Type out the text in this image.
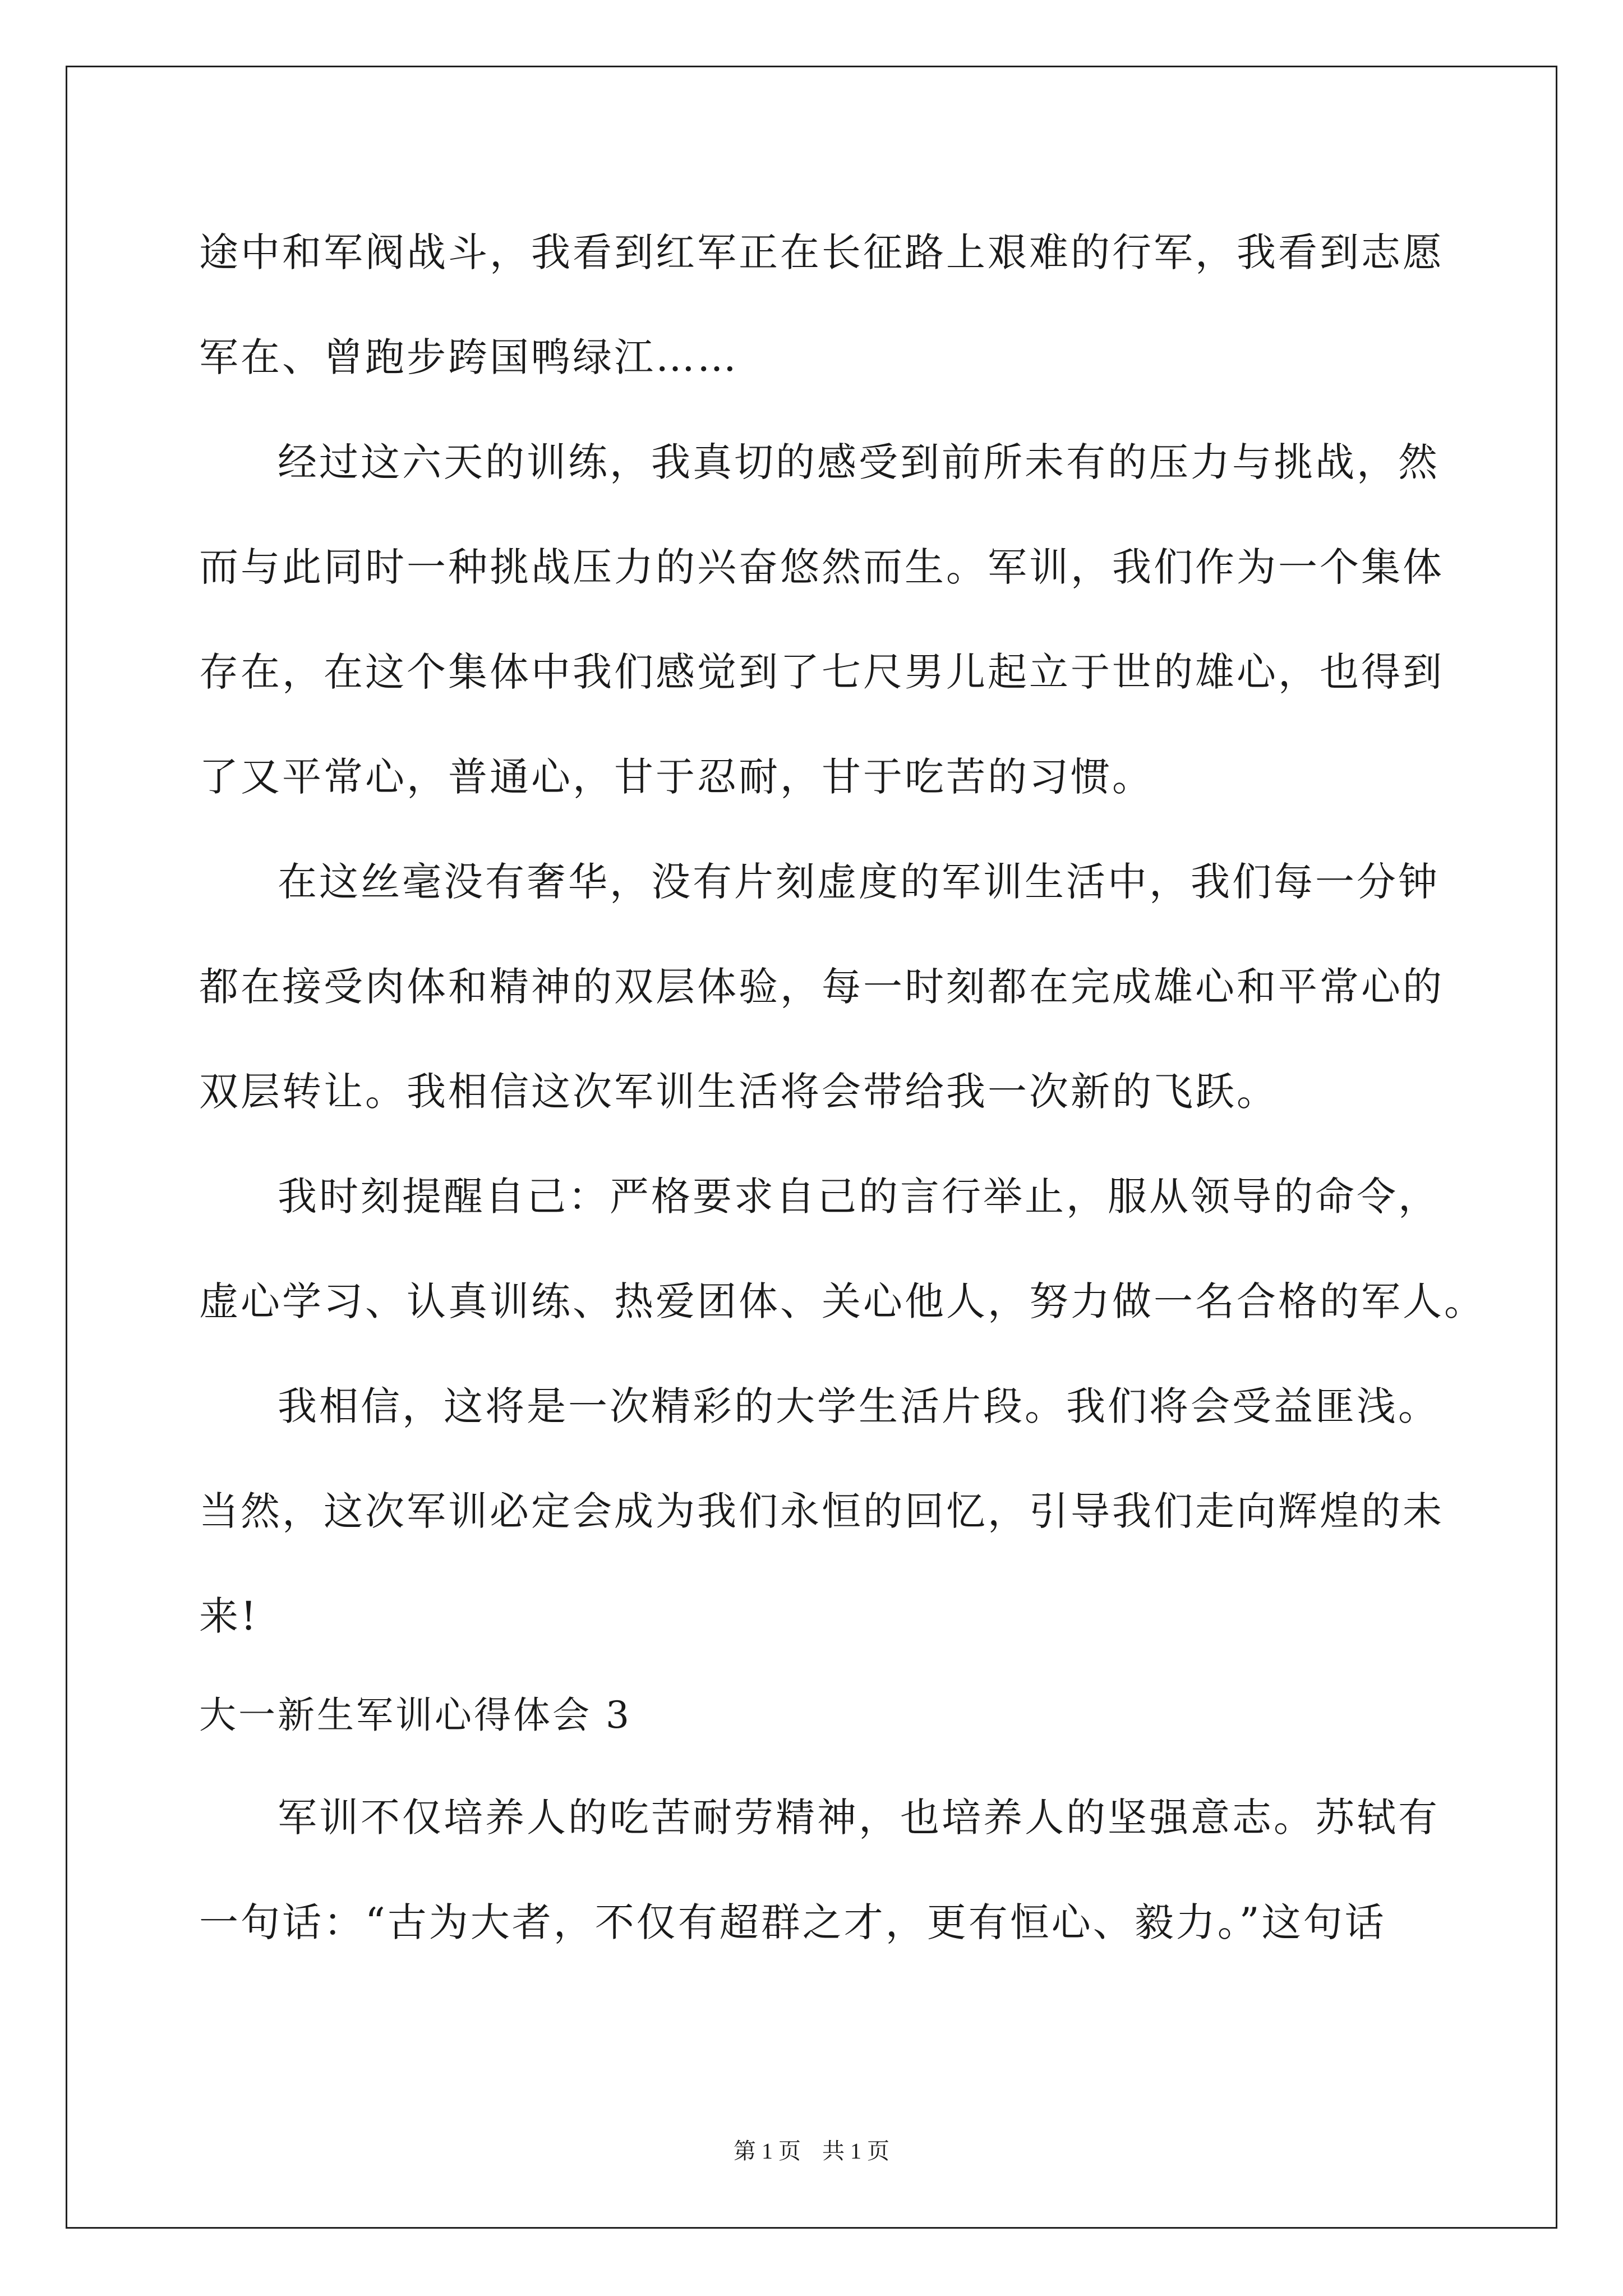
途中和军阀战斗，我看到红军正在长征路上艰难的行军，我看到志愿
军在、曾跑步跨国鸭绿江……
经过这六天的训练，我真切的感受到前所未有的压力与挑战，然
而与此同时一种挑战压力的兴奋悠然而生。军训，我们作为一个集体
存在，在这个集体中我们感觉到了七尺男儿起立于世的雄心，也得到
了又平常心，普通心，甘于忍耐，甘于吃苦的习惯。
在这丝毫没有奢华，没有片刻虚度的军训生活中，我们每一分钟
都在接受肉体和精神的双层体验，每一时刻都在完成雄心和平常心的
双层转让。我相信这次军训生活将会带给我一次新的飞跃。
我时刻提醒自己：严格要求自己的言行举止，服从领导的命令，
虚心学习、认真训练、热爱团体、关心他人，努力做一名合格的军人。
我相信，这将是一次精彩的大学生活片段。我们将会受益匪浅。
当然，这次军训必定会成为我们永恒的回忆，引导我们走向辉煌的未
来!
大一新生军训心得体会 3
军训不仅培养人的吃苦耐劳精神，也培养人的坚强意志。苏轼有
一句话：“古为大者，不仅有超群之才，更有恒心、毅力。”这句话
第 1 页 共 1 页
